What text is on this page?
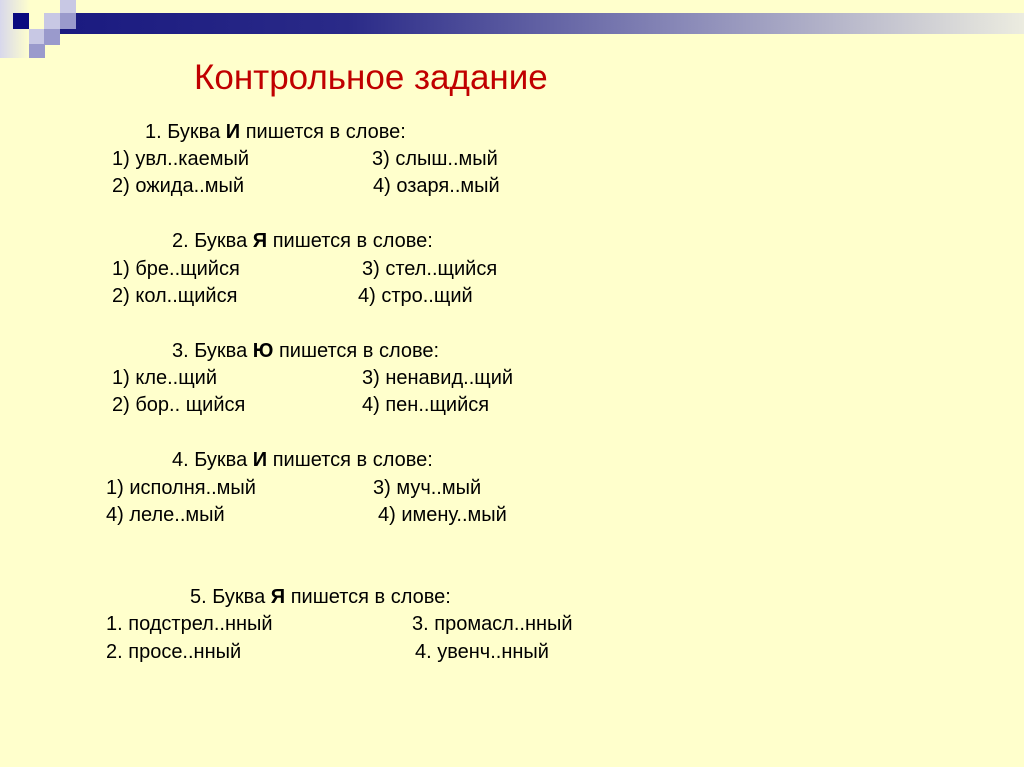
Контрольное задание
1. Буква И пишется в слове:
1) увл..каемый	3) слыш..мый
2) ожида..мый	4) озаря..мый
2. Буква Я пишется в слове:
1) бре..щийся	3) стел..щийся
2) кол..щийся	4) стро..щий
3. Буква Ю пишется в слове:
1) кле..щий	3) ненавид..щий
2) бор.. щийся	4) пен..щийся
4. Буква И пишется в слове:
1) исполня..мый	3) муч..мый
4) леле..мый	4) имену..мый
5. Буква Я пишется в слове:
1. подстрел..нный	3. промасл..нный
2. просе..нный	4. увенч..нный
